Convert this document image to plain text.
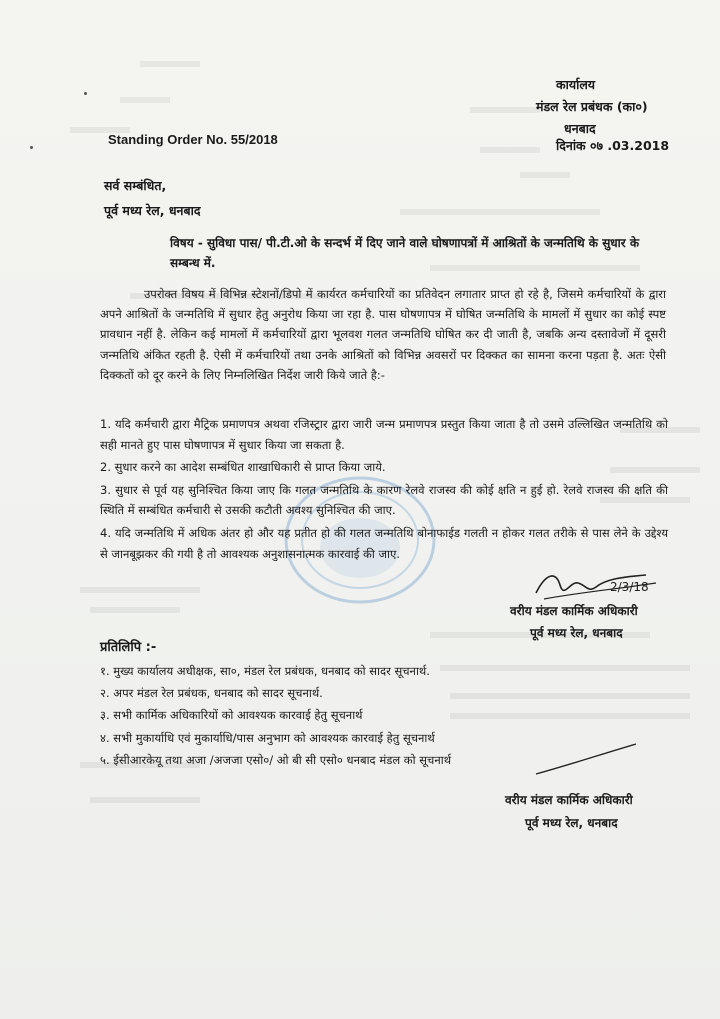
कार्यालय
मंडल रेल प्रबंधक (का०)
धनबाद
Standing Order No. 55/2018	दिनांक ०७ .03.2018
सर्व सम्बंधित,
पूर्व मध्य रेल, धनबाद
विषय - सुविधा पास/ पी.टी.ओ के सन्दर्भ में दिए जाने वाले घोषणापत्रों में आश्रितों के जन्मतिथि के सुधार के सम्बन्ध में.

उपरोक्त विषय में विभिन्न स्टेशनों/डिपो में कार्यरत कर्मचारियों का प्रतिवेदन लगातार प्राप्त हो रहे है, जिसमे कर्मचारियों के द्वारा अपने आश्रितों के जन्मतिथि में सुधार हेतु अनुरोध किया जा रहा है. पास घोषणापत्र में घोषित जन्मतिथि के मामलों में सुधार का कोई स्पष्ट प्रावधान नहीं है. लेकिन कई मामलों में कर्मचारियों द्वारा भूलवश गलत जन्मतिथि घोषित कर दी जाती है, जबकि अन्य दस्तावेजों में दूसरी जन्मतिथि अंकित रहती है. ऐसी में कर्मचारियों तथा उनके आश्रितों को विभिन्न अवसरों पर दिक्कत का सामना करना पड़ता है. अतः ऐसी दिक्कतों को दूर करने के लिए निम्नलिखित निर्देश जारी किये जाते है:-

1. यदि कर्मचारी द्वारा मैट्रिक प्रमाणपत्र अथवा रजिस्ट्रार द्वारा जारी जन्म प्रमाणपत्र प्रस्तुत किया जाता है तो उसमे उल्लिखित जन्मतिथि को सही मानते हुए पास घोषणापत्र में सुधार किया जा सकता है.
2. सुधार करने का आदेश सम्बंधित शाखाधिकारी से प्राप्त किया जाये.
3. सुधार से पूर्व यह सुनिश्चित किया जाए कि गलत जन्मतिथि के कारण रेलवे राजस्व की कोई क्षति न हुई हो. रेलवे राजस्व की क्षति की स्थिति में सम्बंधित कर्मचारी से उसकी कटौती अवश्य सुनिश्चित की जाए.
4. यदि जन्मतिथि में अधिक अंतर हो और यह प्रतीत हो की गलत जन्मतिथि बोनाफाईड गलती न होकर गलत तरीके से पास लेने के उद्देश्य से जानबूझकर की गयी है तो आवश्यक अनुशासनात्मक कारवाई की जाए.
2/3/18
वरीय मंडल कार्मिक अधिकारी
पूर्व मध्य रेल, धनबाद
प्रतिलिपि :-
१. मुख्य कार्यालय अधीक्षक, सा०, मंडल रेल प्रबंधक, धनबाद को सादर सूचनार्थ.
२. अपर मंडल रेल प्रबंधक, धनबाद को सादर सूचनार्थ.
३. सभी कार्मिक अधिकारियों को आवश्यक कारवाई हेतु सूचनार्थ
४. सभी मुकार्याधि एवं मुकार्याधि/पास अनुभाग को आवश्यक कारवाई हेतु सूचनार्थ
५. ईसीआरकेयू तथा अजा /अजजा एसो०/ ओ बी सी एसो० धनबाद मंडल को सूचनार्थ
वरीय मंडल कार्मिक अधिकारी
पूर्व मध्य रेल, धनबाद
